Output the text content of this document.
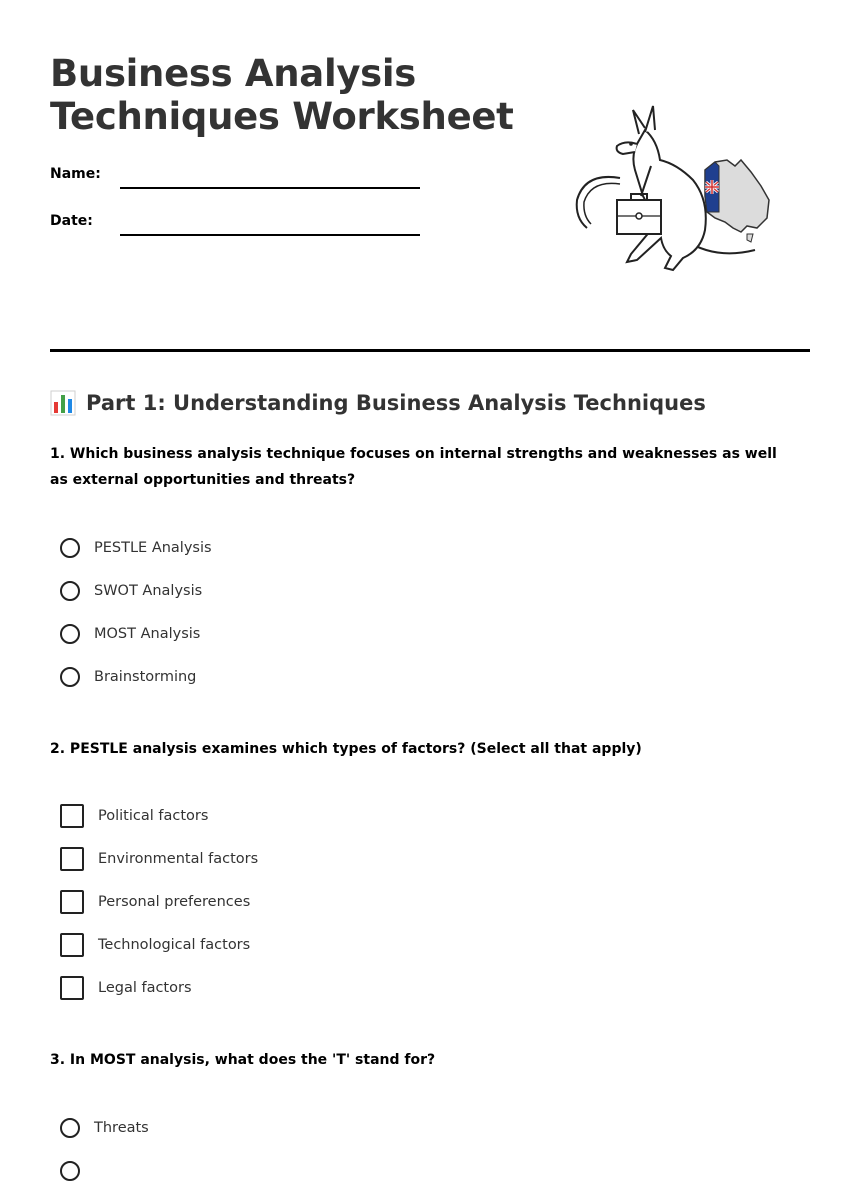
Business Analysis
Techniques Worksheet
Name:
Date:
Part 1: Understanding Business Analysis Techniques

1. Which business analysis technique focuses on internal strengths and weaknesses as well as external opportunities and threats?

PESTLE Analysis
SWOT Analysis
MOST Analysis
Brainstorming

2. PESTLE analysis examines which types of factors? (Select all that apply)

Political factors
Environmental factors
Personal preferences
Technological factors
Legal factors

3. In MOST analysis, what does the 'T' stand for?

Threats
